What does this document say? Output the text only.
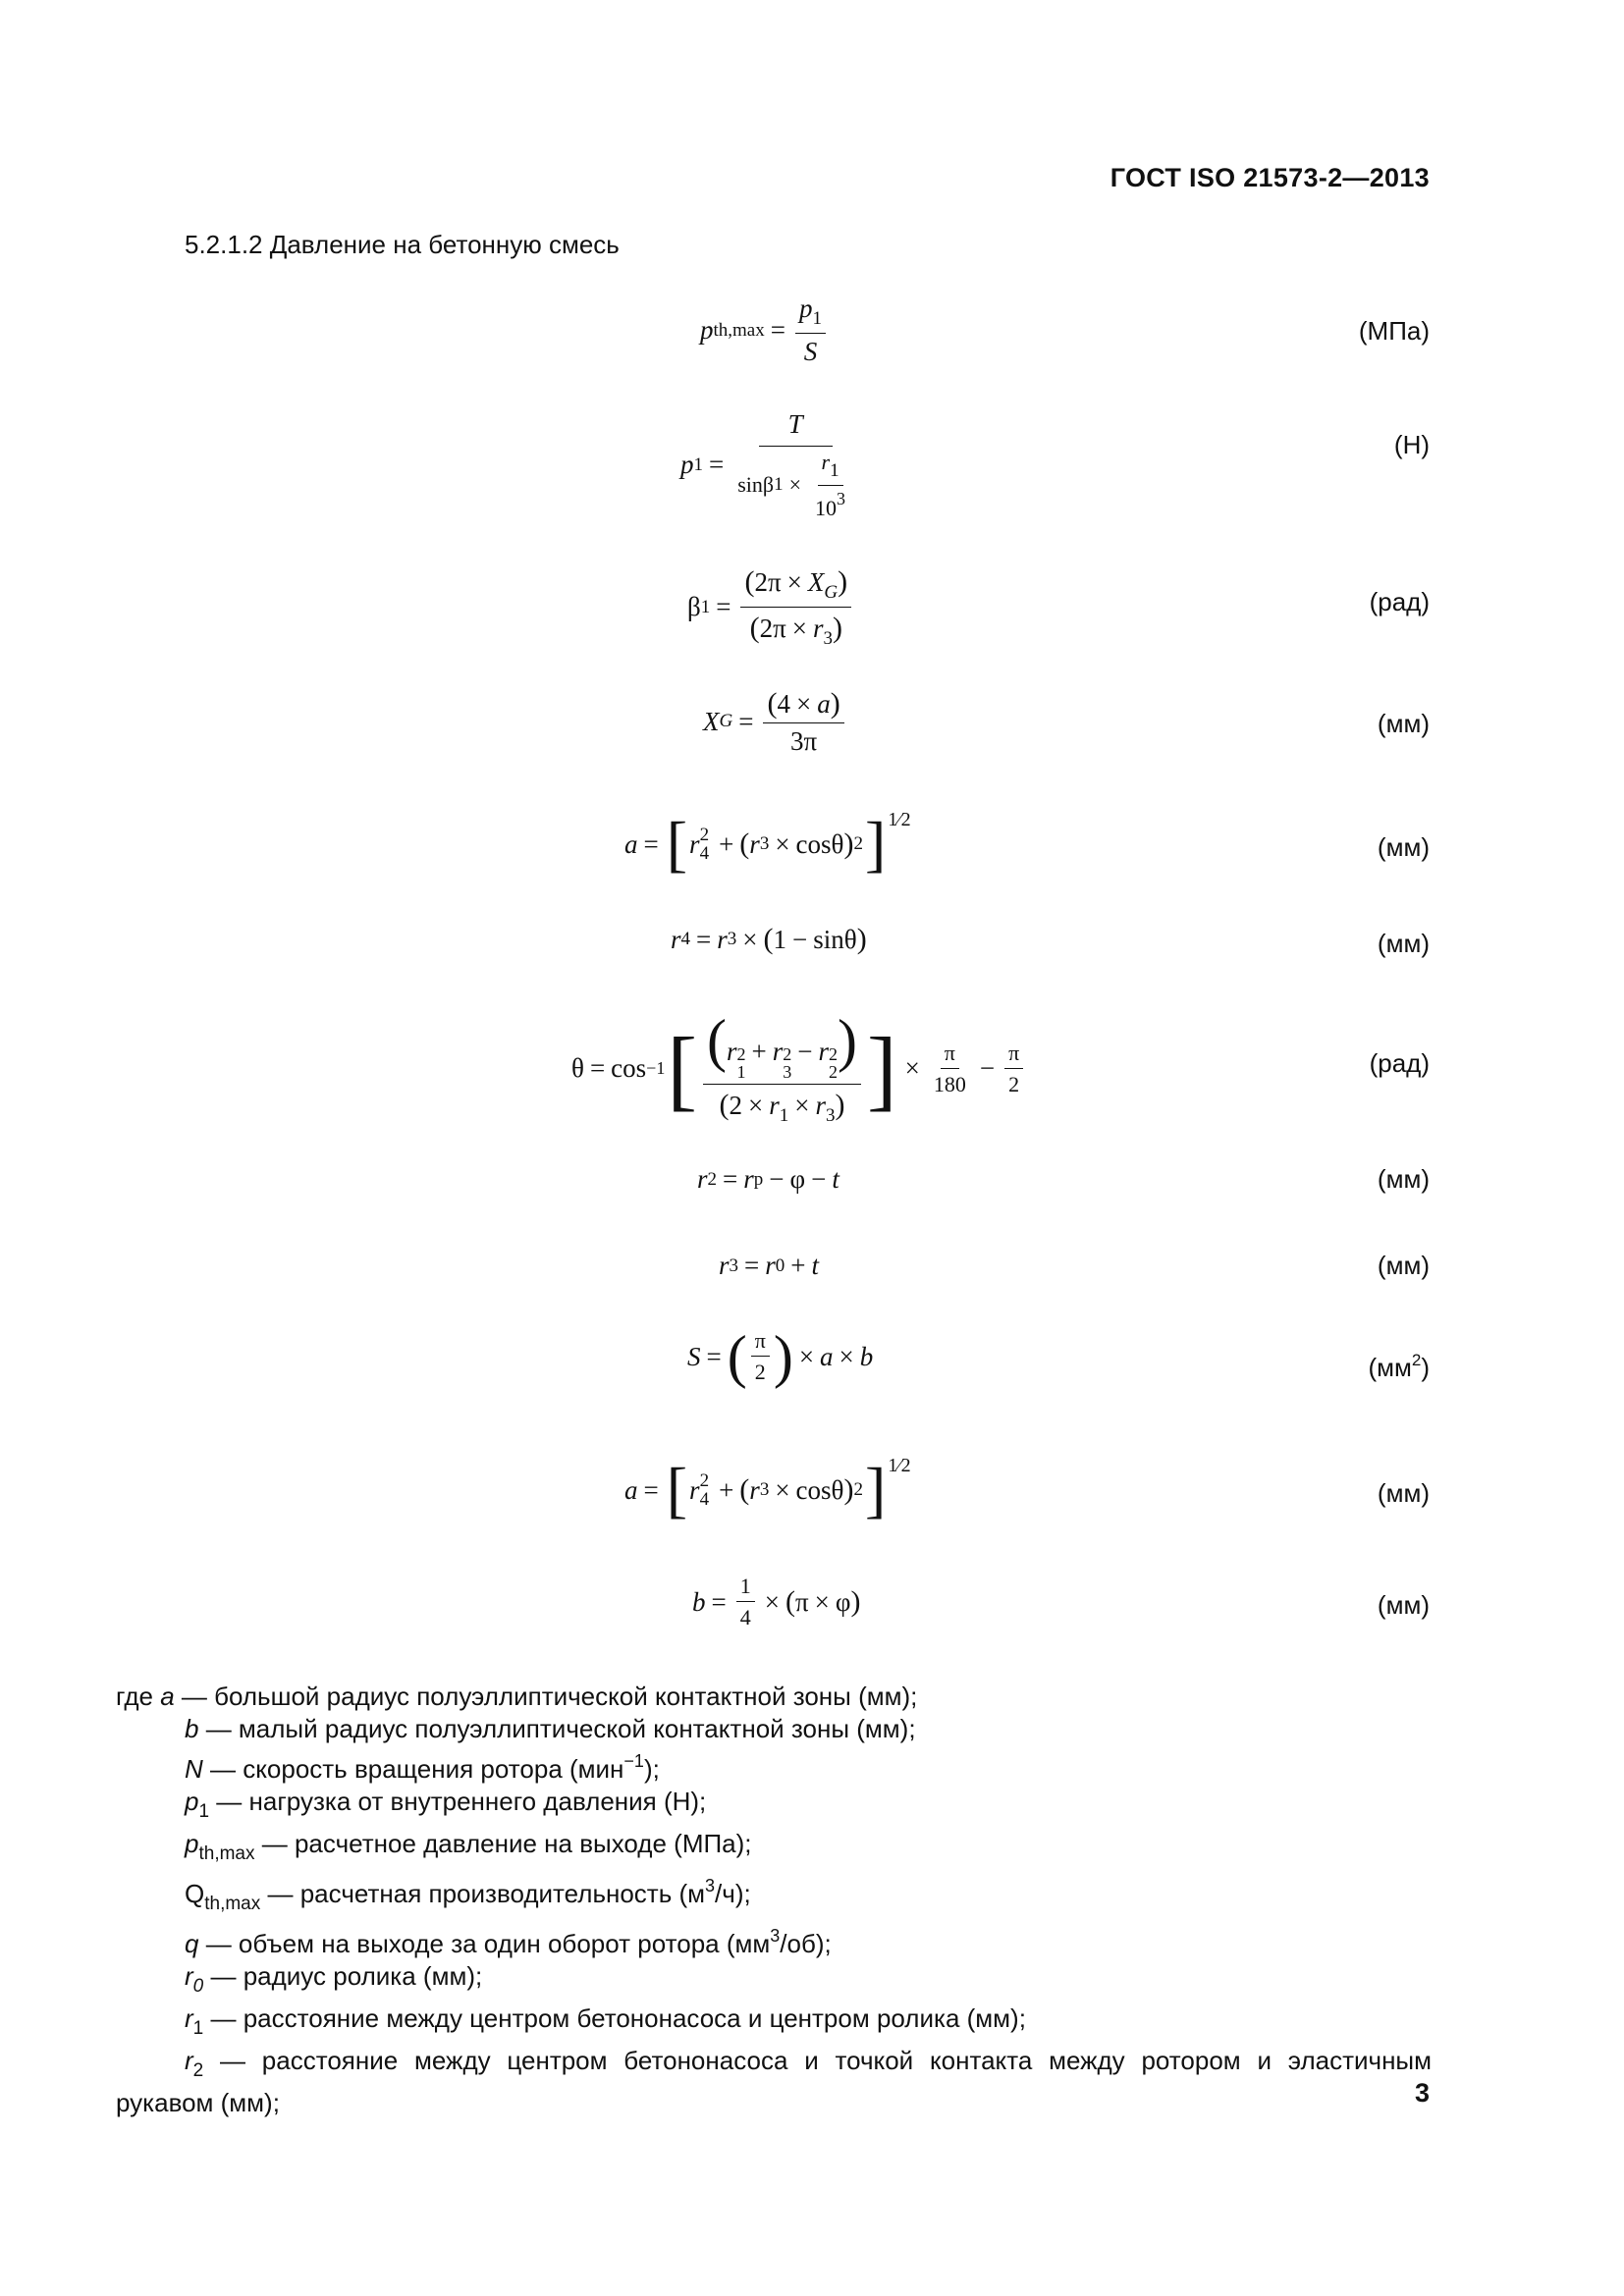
ГОСТ ISO 21573-2—2013
5.2.1.2 Давление на бетонную смесь
p $th,\max = \frac{p_1}{S}$	(МПа)
p $1 = \frac{T}{\sin\beta 1 \times \frac{r1}{10^3}}$	(Н)
β $1 = \frac{(2\pi \times X_G)}{(2\pi \times r_3)}$	(рад)
X $G = \frac{(4 \times a)}{3\pi}$	(мм)
a = [ r 2
4 + ( r 3 × cosθ ) 2 ] 1⁄2
(мм)
r 4 = r 3 × ( 1 − sinθ )	(мм)
θ = cos −1 [ (r 2
1
+ r 2
3
− r 2
2 )
$(2 \times r_1 \times r_3)$ ] × $\frac{\pi}{180} - \frac{\pi}{2}$	(рад)
r 2 = r p − φ − t	(мм)
r 3 = r 0 + t	(мм)
S = ( $\frac{\pi}{2}$ ) × a × b	$(мм^2)$
a = [ r 2
4 + ( r 3 × cosθ ) 2 ] 1⁄2
(мм)
$b = \frac{1}{4}$ × ( π × φ )	(мм)
где a — большой радиус полуэллиптической контактной зоны (мм);
b — малый радиус полуэллиптической контактной зоны (мм);
N — скорость вращения ротора (мин$^{-1}$);
$p_1$ — нагрузка от внутреннего давления (Н);
$p_{th,max}$ — расчетное давление на выходе (МПа);
$Q_{th,max}$ — расчетная производительность $(м^3/ч)$;
q — объем на выходе за один оборот ротора $(мм^3/об)$;
$r_0$ — радиус ролика (мм);
$r_1$ — расстояние между центром бетононасоса и центром ролика (мм);
$r_2$ — расстояние между центром бетононасоса и точкой контакта между ротором и эластичным
рукавом (мм);	3
